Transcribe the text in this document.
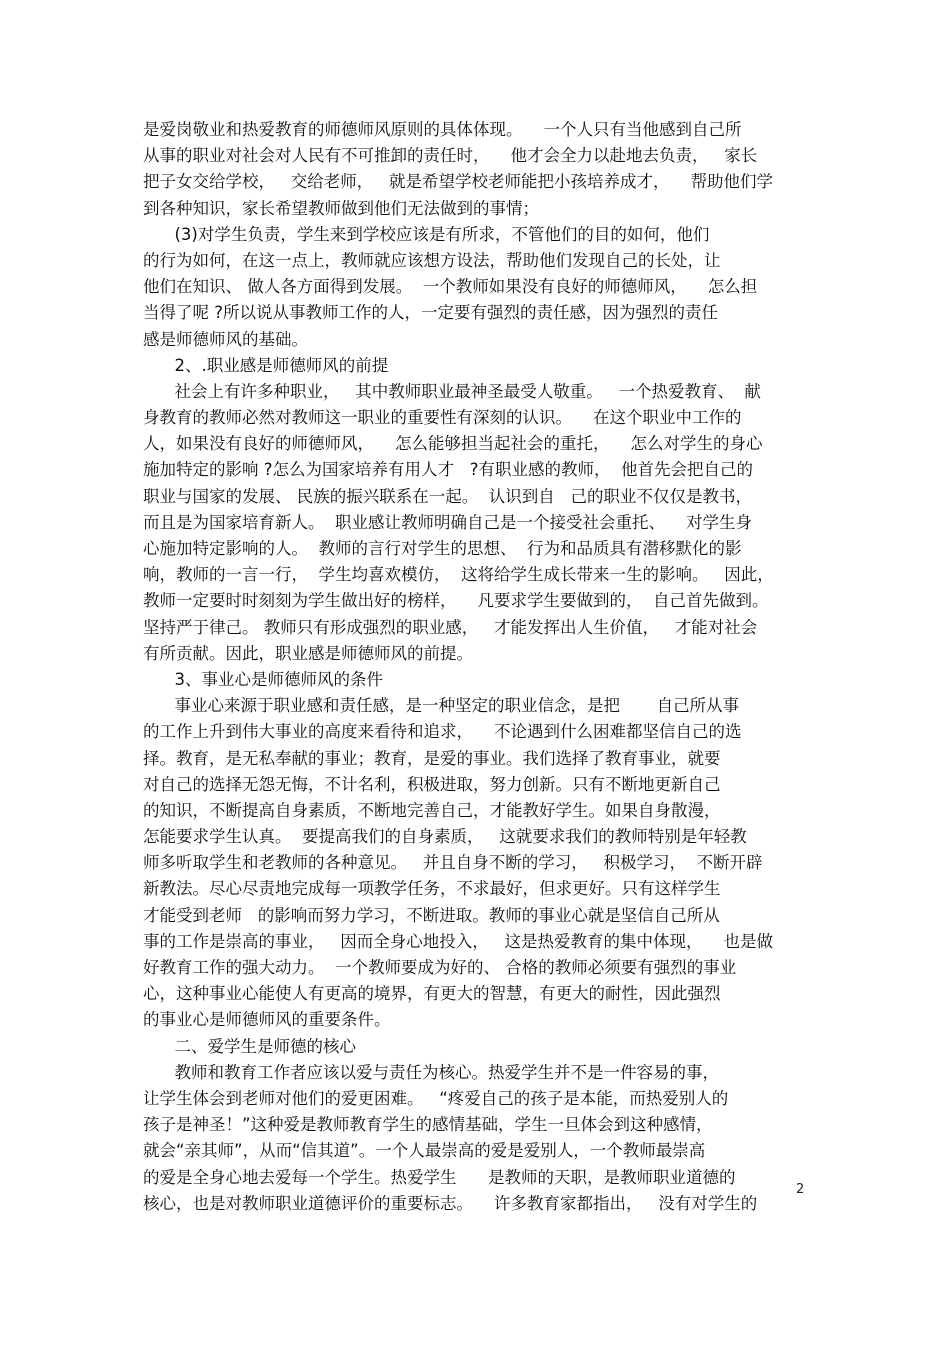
是爱岗敬业和热爱教育的师德师风原则的具体体现。    一个人只有当他感到自己所
从事的职业对社会对人民有不可推卸的责任时，    他才会全力以赴地去负责，   家长
把子女交给学校，   交给老师，   就是希望学校老师能把小孩培养成才，    帮助他们学
到各种知识，家长希望教师做到他们无法做到的事情；
(3)对学生负责，学生来到学校应该是有所求，不管他们的目的如何，他们
的行为如何，在这一点上，教师就应该想方设法，帮助他们发现自己的长处，让
他们在知识、 做人各方面得到发展。  一个教师如果没有良好的师德师风，    怎么担
当得了呢 ?所以说从事教师工作的人，一定要有强烈的责任感，因为强烈的责任
感是师德师风的基础。
2、.职业感是师德师风的前提
社会上有许多种职业，   其中教师职业最神圣最受人敬重。   一个热爱教育、  献
身教育的教师必然对教师这一职业的重要性有深刻的认识。    在这个职业中工作的
人，如果没有良好的师德师风，    怎么能够担当起社会的重托，    怎么对学生的身心
施加特定的影响 ?怎么为国家培养有用人才   ?有职业感的教师，  他首先会把自己的
职业与国家的发展、 民族的振兴联系在一起。  认识到自   己的职业不仅仅是教书，
而且是为国家培育新人。  职业感让教师明确自己是一个接受社会重托、    对学生身
心施加特定影响的人。  教师的言行对学生的思想、  行为和品质具有潜移默化的影
响，教师的一言一行，  学生均喜欢模仿，  这将给学生成长带来一生的影响。   因此，
教师一定要时时刻刻为学生做出好的榜样，    凡要求学生要做到的，  自己首先做到。
坚持严于律己。 教师只有形成强烈的职业感，   才能发挥出人生价值，   才能对社会
有所贡献。因此，职业感是师德师风的前提。
3、事业心是师德师风的条件
事业心来源于职业感和责任感，是一种坚定的职业信念，是把       自己所从事
的工作上升到伟大事业的高度来看待和追求，    不论遇到什么困难都坚信自己的选
择。教育，是无私奉献的事业；教育，是爱的事业。我们选择了教育事业，就要
对自己的选择无怨无悔，不计名利，积极进取，努力创新。只有不断地更新自己
的知识，不断提高自身素质，不断地完善自己，才能教好学生。如果自身散漫，
怎能要求学生认真。  要提高我们的自身素质，   这就要求我们的教师特别是年轻教
师多听取学生和老教师的各种意见。   并且自身不断的学习，   积极学习，  不断开辟
新教法。尽心尽责地完成每一项教学任务，不求最好，但求更好。只有这样学生
才能受到老师   的影响而努力学习，不断进取。教师的事业心就是坚信自己所从
事的工作是崇高的事业，   因而全身心地投入，   这是热爱教育的集中体现，    也是做
好教育工作的强大动力。  一个教师要成为好的、 合格的教师必须要有强烈的事业
心，这种事业心能使人有更高的境界，有更大的智慧，有更大的耐性，因此强烈
的事业心是师德师风的重要条件。
二、爱学生是师德的核心
教师和教育工作者应该以爱与责任为核心。热爱学生并不是一件容易的事，
让学生体会到老师对他们的爱更困难。   “疼爱自己的孩子是本能，而热爱别人的
孩子是神圣！”这种爱是教师教育学生的感情基础，学生一旦体会到这种感情，
就会“亲其师”，从而“信其道”。一个人最崇高的爱是爱别人，一个教师最崇高
的爱是全身心地去爱每一个学生。热爱学生      是教师的天职，是教师职业道德的
核心，也是对教师职业道德评价的重要标志。    许多教育家都指出，   没有对学生的
2
